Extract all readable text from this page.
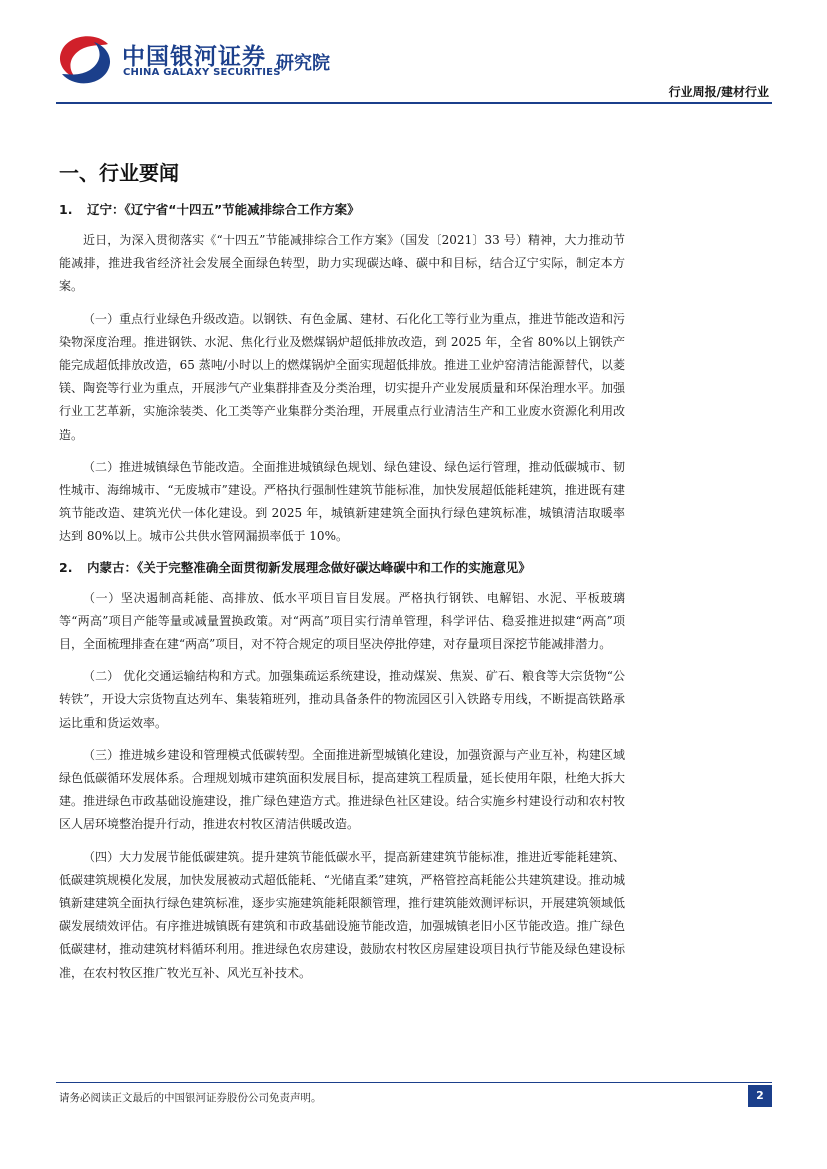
中国银河证券
CHINA GALAXY SECURITIES
研究院
行业周报/建材行业
一、行业要闻
1. 辽宁：《辽宁省“十四五”节能减排综合工作方案》

近日，为深入贯彻落实《“十四五”节能减排综合工作方案》（国发〔2021〕33 号）精神，大力推动节能减排，推进我省经济社会发展全面绿色转型，助力实现碳达峰、碳中和目标，结合辽宁实际，制定本方案。

（一）重点行业绿色升级改造。以钢铁、有色金属、建材、石化化工等行业为重点，推进节能改造和污染物深度治理。推进钢铁、水泥、焦化行业及燃煤锅炉超低排放改造，到 2025 年，全省 80%以上钢铁产能完成超低排放改造，65 蒸吨/小时以上的燃煤锅炉全面实现超低排放。推进工业炉窑清洁能源替代，以菱镁、陶瓷等行业为重点，开展涉气产业集群排查及分类治理，切实提升产业发展质量和环保治理水平。加强行业工艺革新，实施涂装类、化工类等产业集群分类治理，开展重点行业清洁生产和工业废水资源化利用改造。

（二）推进城镇绿色节能改造。全面推进城镇绿色规划、绿色建设、绿色运行管理，推动低碳城市、韧性城市、海绵城市、“无废城市”建设。严格执行强制性建筑节能标准，加快发展超低能耗建筑，推进既有建筑节能改造、建筑光伏一体化建设。到 2025 年，城镇新建建筑全面执行绿色建筑标准，城镇清洁取暖率达到 80%以上。城市公共供水管网漏损率低于 10%。

2. 内蒙古：《关于完整准确全面贯彻新发展理念做好碳达峰碳中和工作的实施意见》

（一）坚决遏制高耗能、高排放、低水平项目盲目发展。严格执行钢铁、电解铝、水泥、平板玻璃等“两高”项目产能等量或减量置换政策。对“两高”项目实行清单管理，科学评估、稳妥推进拟建“两高”项目，全面梳理排查在建“两高”项目，对不符合规定的项目坚决停批停建，对存量项目深挖节能减排潜力。

（二） 优化交通运输结构和方式。加强集疏运系统建设，推动煤炭、焦炭、矿石、粮食等大宗货物“公转铁”，开设大宗货物直达列车、集装箱班列，推动具备条件的物流园区引入铁路专用线，不断提高铁路承运比重和货运效率。

（三）推进城乡建设和管理模式低碳转型。全面推进新型城镇化建设，加强资源与产业互补，构建区域绿色低碳循环发展体系。合理规划城市建筑面积发展目标，提高建筑工程质量，延长使用年限，杜绝大拆大建。推进绿色市政基础设施建设，推广绿色建造方式。推进绿色社区建设。结合实施乡村建设行动和农村牧区人居环境整治提升行动，推进农村牧区清洁供暖改造。

（四）大力发展节能低碳建筑。提升建筑节能低碳水平，提高新建建筑节能标准，推进近零能耗建筑、低碳建筑规模化发展，加快发展被动式超低能耗、“光储直柔”建筑，严格管控高耗能公共建筑建设。推动城镇新建建筑全面执行绿色建筑标准，逐步实施建筑能耗限额管理，推行建筑能效测评标识，开展建筑领域低碳发展绩效评估。有序推进城镇既有建筑和市政基础设施节能改造，加强城镇老旧小区节能改造。推广绿色低碳建材，推动建筑材料循环利用。推进绿色农房建设，鼓励农村牧区房屋建设项目执行节能及绿色建设标准，在农村牧区推广牧光互补、风光互补技术。

请务必阅读正文最后的中国银河证券股份公司免责声明。	2
